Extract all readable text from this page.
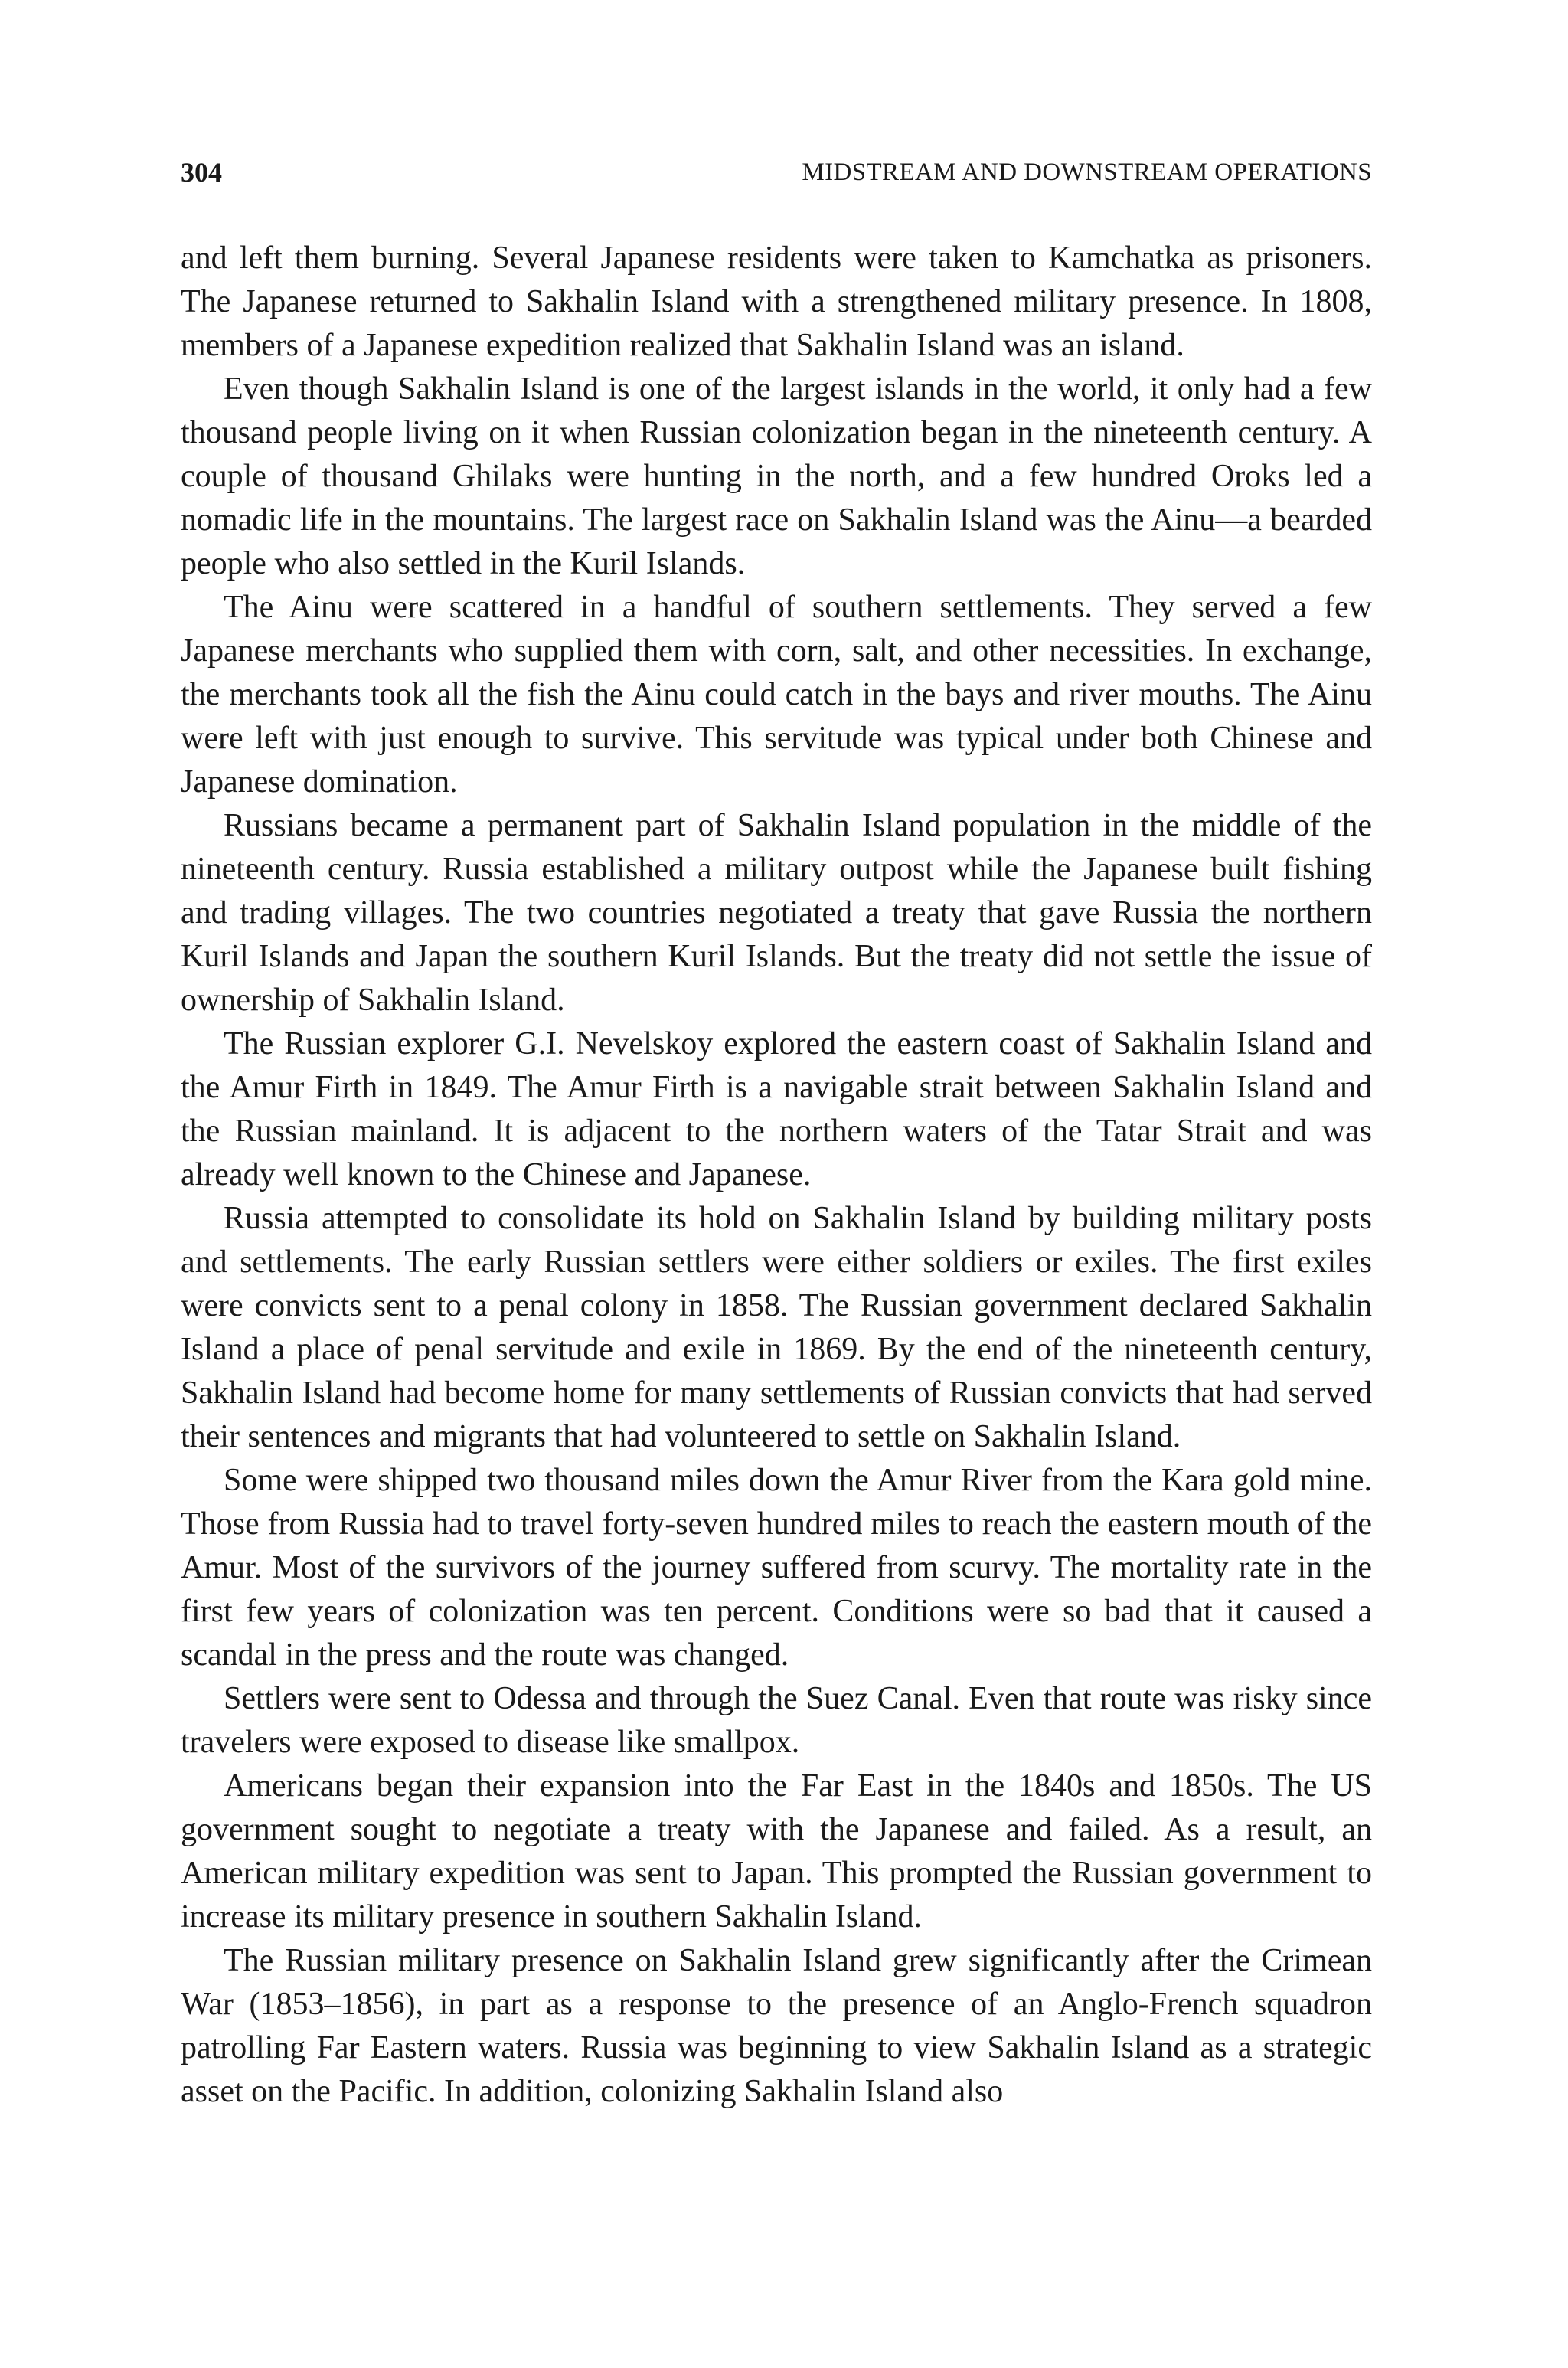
304	MIDSTREAM AND DOWNSTREAM OPERATIONS

and left them burning. Several Japanese residents were taken to Kamchatka as prisoners. The Japanese returned to Sakhalin Island with a strengthened military presence. In 1808, members of a Japanese expedition realized that Sakhalin Island was an island.

Even though Sakhalin Island is one of the largest islands in the world, it only had a few thousand people living on it when Russian colonization began in the nineteenth century. A couple of thousand Ghilaks were hunting in the north, and a few hundred Oroks led a nomadic life in the mountains. The largest race on Sakhalin Island was the Ainu—a bearded people who also settled in the Kuril Islands.

The Ainu were scattered in a handful of southern settlements. They served a few Japanese merchants who supplied them with corn, salt, and other necessities. In exchange, the merchants took all the fish the Ainu could catch in the bays and river mouths. The Ainu were left with just enough to survive. This servitude was typical under both Chinese and Japanese domination.

Russians became a permanent part of Sakhalin Island population in the middle of the nineteenth century. Russia established a military outpost while the Japanese built fishing and trading villages. The two countries negotiated a treaty that gave Russia the northern Kuril Islands and Japan the southern Kuril Islands. But the treaty did not settle the issue of ownership of Sakhalin Island.

The Russian explorer G.I. Nevelskoy explored the eastern coast of Sakhalin Island and the Amur Firth in 1849. The Amur Firth is a navigable strait between Sakhalin Island and the Russian mainland. It is adjacent to the northern waters of the Tatar Strait and was already well known to the Chinese and Japanese.

Russia attempted to consolidate its hold on Sakhalin Island by building military posts and settlements. The early Russian settlers were either soldiers or exiles. The first exiles were convicts sent to a penal colony in 1858. The Russian government declared Sakhalin Island a place of penal servitude and exile in 1869. By the end of the nineteenth century, Sakhalin Island had become home for many settlements of Russian convicts that had served their sentences and migrants that had volunteered to settle on Sakhalin Island.

Some were shipped two thousand miles down the Amur River from the Kara gold mine. Those from Russia had to travel forty-seven hundred miles to reach the eastern mouth of the Amur. Most of the survivors of the journey suffered from scurvy. The mortality rate in the first few years of colonization was ten percent. Conditions were so bad that it caused a scandal in the press and the route was changed.

Settlers were sent to Odessa and through the Suez Canal. Even that route was risky since travelers were exposed to disease like smallpox.

Americans began their expansion into the Far East in the 1840s and 1850s. The US government sought to negotiate a treaty with the Japanese and failed. As a result, an American military expedition was sent to Japan. This prompted the Russian government to increase its military presence in southern Sakhalin Island.

The Russian military presence on Sakhalin Island grew significantly after the Crimean War (1853–1856), in part as a response to the presence of an Anglo-French squadron patrolling Far Eastern waters. Russia was beginning to view Sakhalin Island as a strategic asset on the Pacific. In addition, colonizing Sakhalin Island also
